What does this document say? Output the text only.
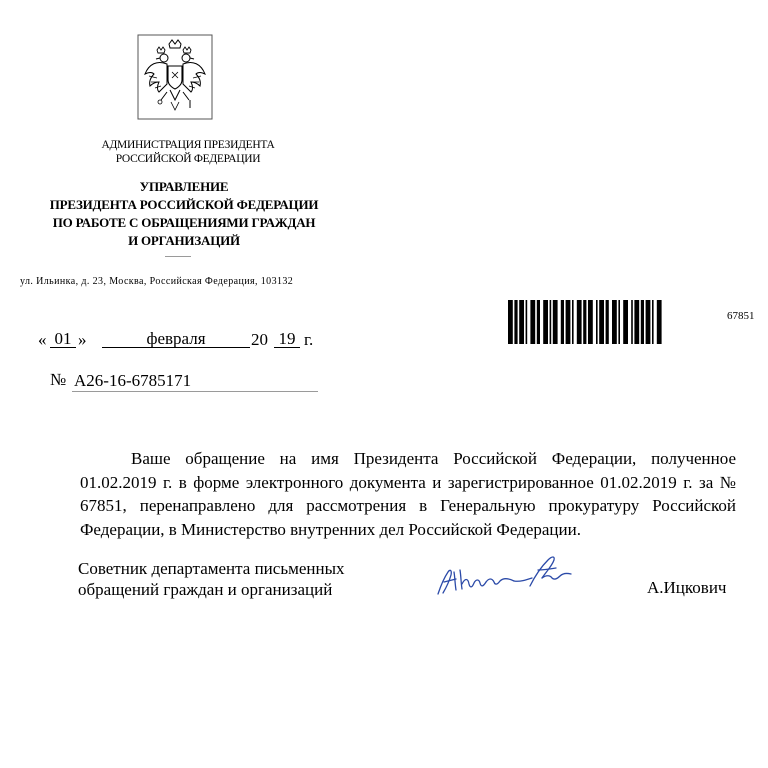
АДМИНИСТРАЦИЯ ПРЕЗИДЕНТА
РОССИЙСКОЙ ФЕДЕРАЦИИ
УПРАВЛЕНИЕ
ПРЕЗИДЕНТА РОССИЙСКОЙ ФЕДЕРАЦИИ
ПО РАБОТЕ С ОБРАЩЕНИЯМИ ГРАЖДАН
И ОРГАНИЗАЦИЙ
ул. Ильинка, д. 23, Москва, Российская Федерация, 103132
67851
« 01 »	февраля	20 19 г.
№ А26-16-6785171
Ваше обращение на имя Президента Российской Федерации, полученное 01.02.2019 г. в форме электронного документа и зарегистрированное 01.02.2019 г. за № 67851, перенаправлено для рассмотрения в Генеральную прокуратуру Российской Федерации, в Министерство внутренних дел Российской Федерации.
Советник департамента письменных
обращений граждан и организаций	А.Ицкович
